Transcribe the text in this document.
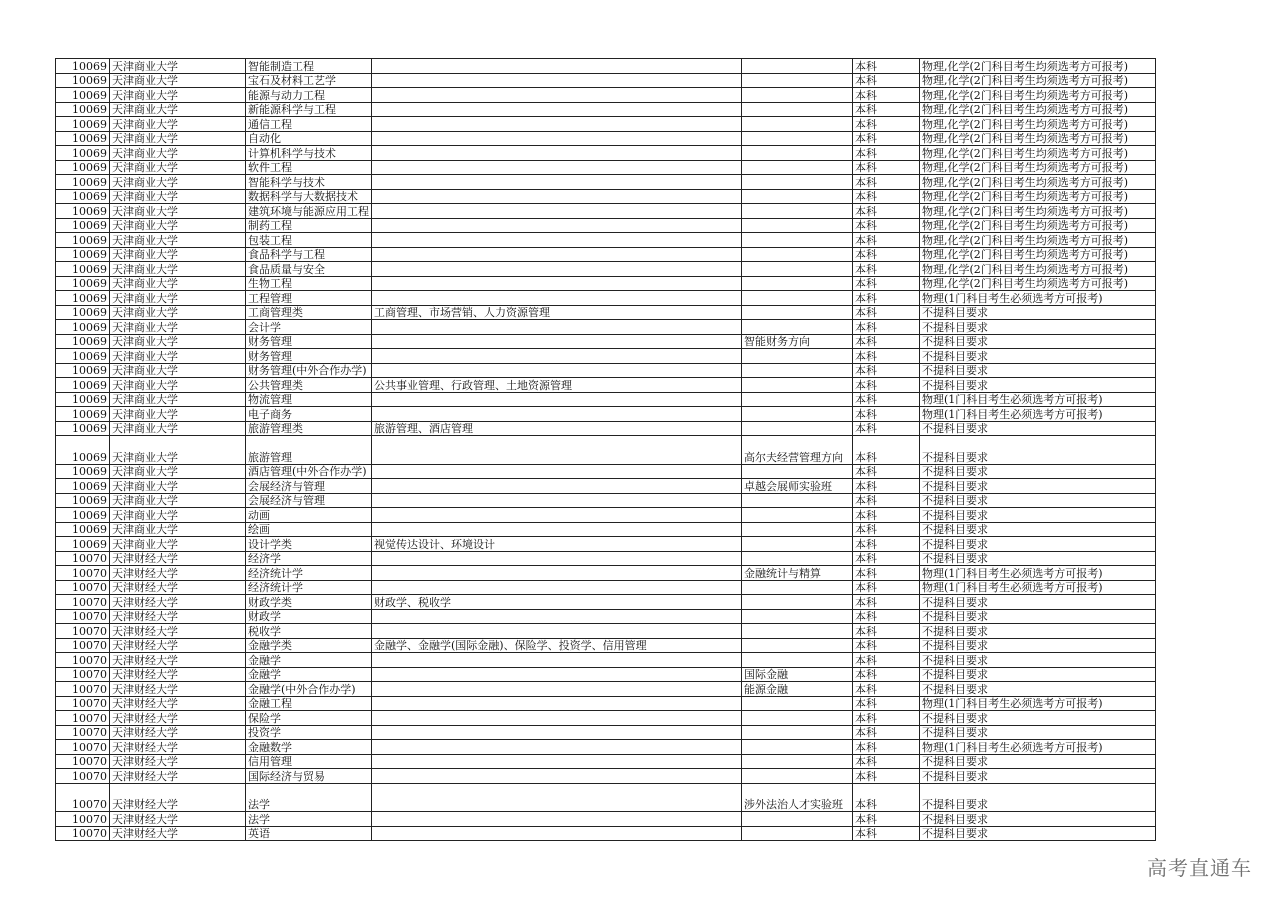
10069	天津商业大学	智能制造工程			本科	物理,化学(2门科目考生均须选考方可报考)
10069	天津商业大学	宝石及材料工艺学			本科	物理,化学(2门科目考生均须选考方可报考)
10069	天津商业大学	能源与动力工程			本科	物理,化学(2门科目考生均须选考方可报考)
10069	天津商业大学	新能源科学与工程			本科	物理,化学(2门科目考生均须选考方可报考)
10069	天津商业大学	通信工程			本科	物理,化学(2门科目考生均须选考方可报考)
10069	天津商业大学	自动化			本科	物理,化学(2门科目考生均须选考方可报考)
10069	天津商业大学	计算机科学与技术			本科	物理,化学(2门科目考生均须选考方可报考)
10069	天津商业大学	软件工程			本科	物理,化学(2门科目考生均须选考方可报考)
10069	天津商业大学	智能科学与技术			本科	物理,化学(2门科目考生均须选考方可报考)
10069	天津商业大学	数据科学与大数据技术			本科	物理,化学(2门科目考生均须选考方可报考)
10069	天津商业大学	建筑环境与能源应用工程			本科	物理,化学(2门科目考生均须选考方可报考)
10069	天津商业大学	制药工程			本科	物理,化学(2门科目考生均须选考方可报考)
10069	天津商业大学	包装工程			本科	物理,化学(2门科目考生均须选考方可报考)
10069	天津商业大学	食品科学与工程			本科	物理,化学(2门科目考生均须选考方可报考)
10069	天津商业大学	食品质量与安全			本科	物理,化学(2门科目考生均须选考方可报考)
10069	天津商业大学	生物工程			本科	物理,化学(2门科目考生均须选考方可报考)
10069	天津商业大学	工程管理			本科	物理(1门科目考生必须选考方可报考)
10069	天津商业大学	工商管理类	工商管理、市场营销、人力资源管理		本科	不提科目要求
10069	天津商业大学	会计学			本科	不提科目要求
10069	天津商业大学	财务管理		智能财务方向	本科	不提科目要求
10069	天津商业大学	财务管理			本科	不提科目要求
10069	天津商业大学	财务管理(中外合作办学)			本科	不提科目要求
10069	天津商业大学	公共管理类	公共事业管理、行政管理、土地资源管理		本科	不提科目要求
10069	天津商业大学	物流管理			本科	物理(1门科目考生必须选考方可报考)
10069	天津商业大学	电子商务			本科	物理(1门科目考生必须选考方可报考)
10069	天津商业大学	旅游管理类	旅游管理、酒店管理		本科	不提科目要求
10069	天津商业大学	旅游管理		高尔夫经营管理方向	本科	不提科目要求
10069	天津商业大学	酒店管理(中外合作办学)			本科	不提科目要求
10069	天津商业大学	会展经济与管理		卓越会展师实验班	本科	不提科目要求
10069	天津商业大学	会展经济与管理			本科	不提科目要求
10069	天津商业大学	动画			本科	不提科目要求
10069	天津商业大学	绘画			本科	不提科目要求
10069	天津商业大学	设计学类	视觉传达设计、环境设计		本科	不提科目要求
10070	天津财经大学	经济学			本科	不提科目要求
10070	天津财经大学	经济统计学		金融统计与精算	本科	物理(1门科目考生必须选考方可报考)
10070	天津财经大学	经济统计学			本科	物理(1门科目考生必须选考方可报考)
10070	天津财经大学	财政学类	财政学、税收学		本科	不提科目要求
10070	天津财经大学	财政学			本科	不提科目要求
10070	天津财经大学	税收学			本科	不提科目要求
10070	天津财经大学	金融学类	金融学、金融学(国际金融)、保险学、投资学、信用管理		本科	不提科目要求
10070	天津财经大学	金融学			本科	不提科目要求
10070	天津财经大学	金融学		国际金融	本科	不提科目要求
10070	天津财经大学	金融学(中外合作办学)		能源金融	本科	不提科目要求
10070	天津财经大学	金融工程			本科	物理(1门科目考生必须选考方可报考)
10070	天津财经大学	保险学			本科	不提科目要求
10070	天津财经大学	投资学			本科	不提科目要求
10070	天津财经大学	金融数学			本科	物理(1门科目考生必须选考方可报考)
10070	天津财经大学	信用管理			本科	不提科目要求
10070	天津财经大学	国际经济与贸易			本科	不提科目要求
10070	天津财经大学	法学		涉外法治人才实验班	本科	不提科目要求
10070	天津财经大学	法学			本科	不提科目要求
10070	天津财经大学	英语			本科	不提科目要求
高考直通车
